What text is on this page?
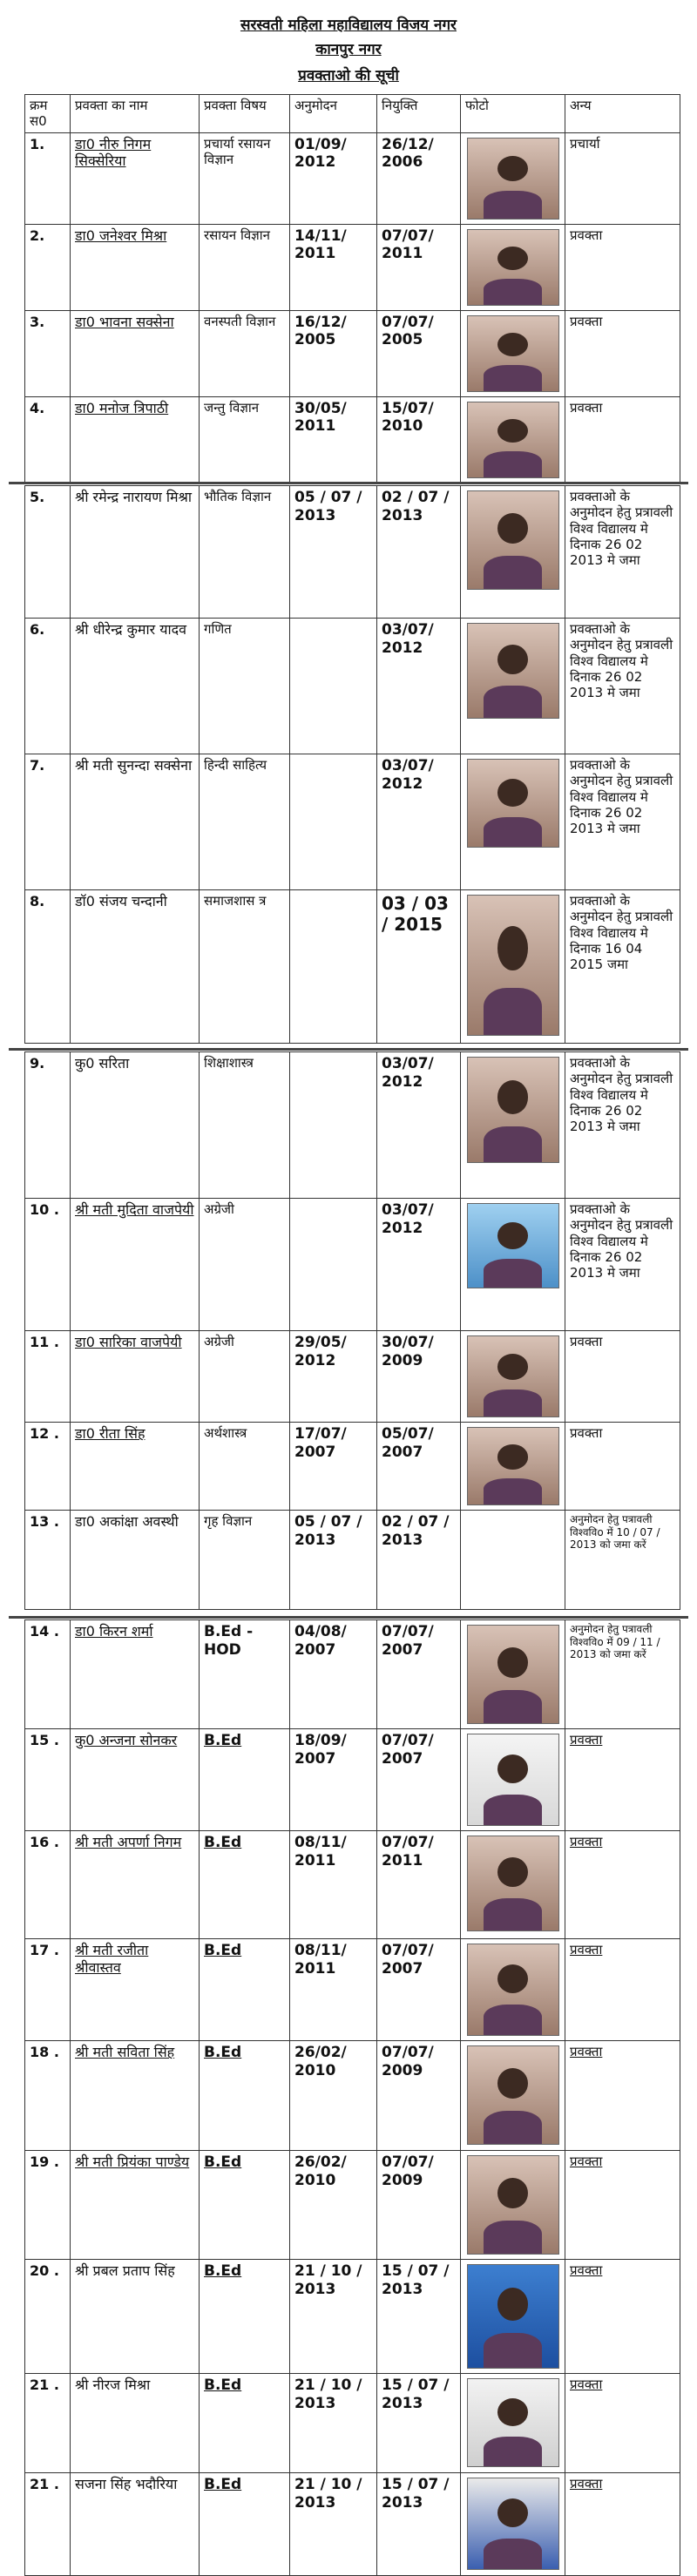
सरस्वती महिला महाविद्यालय विजय नगर
कानपुर नगर
प्रवक्ताओ की सूची
क्रम स0	प्रवक्ता का नाम	प्रवक्ता विषय	अनुमोदन	नियुक्ति	फोटो	अन्य
1.	डा0 नीरु निगम सिक्सेरिया	प्रचार्या रसायन विज्ञान	01/09/ 2012	26/12/ 2006		प्रचार्या
2.	डा0 जनेश्वर मिश्रा	रसायन विज्ञान	14/11/ 2011	07/07/ 2011		प्रवक्ता
3.	डा0 भावना सक्सेना	वनस्पती विज्ञान	16/12/ 2005	07/07/ 2005		प्रवक्ता
4.	डा0 मनोज त्रिपाठी	जन्तु विज्ञान	30/05/ 2011	15/07/ 2010		प्रवक्ता
5.	श्री रमेन्द्र नारायण मिश्रा	भौतिक विज्ञान	05 / 07 / 2013	02 / 07 / 2013		प्रवक्ताओ के अनुमोदन हेतु प्रत्रावली विश्व विद्यालय मे दिनाक 26 02 2013 मे जमा
6.	श्री धीरेन्द्र कुमार यादव	गणित		03/07/ 2012		प्रवक्ताओ के अनुमोदन हेतु प्रत्रावली विश्व विद्यालय मे दिनाक 26 02 2013 मे जमा
7.	श्री मती सुनन्दा सक्सेना	हिन्दी साहित्य		03/07/ 2012		प्रवक्ताओ के अनुमोदन हेतु प्रत्रावली विश्व विद्यालय मे दिनाक 26 02 2013 मे जमा
8.	डॉ0 संजय चन्दानी	समाजशास त्र		03 / 03 / 2015		प्रवक्ताओ के अनुमोदन हेतु प्रत्रावली विश्व विद्यालय मे दिनाक 16 04 2015 जमा
9.	कु0 सरिता	शिक्षाशास्त्र		03/07/ 2012		प्रवक्ताओ के अनुमोदन हेतु प्रत्रावली विश्व विद्यालय मे दिनाक 26 02 2013 मे जमा
10 .	श्री मती मुदिता वाजपेयी	अग्रेजी		03/07/ 2012		प्रवक्ताओ के अनुमोदन हेतु प्रत्रावली विश्व विद्यालय मे दिनाक 26 02 2013 मे जमा
11 .	डा0 सारिका वाजपेयी	अग्रेजी	29/05/ 2012	30/07/ 2009		प्रवक्ता
12 .	डा0 रीता सिंह	अर्थशास्त्र	17/07/ 2007	05/07/ 2007		प्रवक्ता
13 .	डा0 अकांक्षा अवस्थी	गृह विज्ञान	05 / 07 / 2013	02 / 07 / 2013		अनुमोदन हेतु पत्रावली विश्वविo में 10 / 07 / 2013 को जमा करें
14 .	डा0 किरन शर्मा	B.Ed - HOD	04/08/ 2007	07/07/ 2007		अनुमोदन हेतु पत्रावली विश्वविo में 09 / 11 / 2013 को जमा करें
15 .	कु0 अन्जना सोनकर	B.Ed	18/09/ 2007	07/07/ 2007		प्रवक्ता
16 .	श्री मती अपर्णा निगम	B.Ed	08/11/ 2011	07/07/ 2011		प्रवक्ता
17 .	श्री मती रजीता श्रीवास्तव	B.Ed	08/11/ 2011	07/07/ 2007		प्रवक्ता
18 .	श्री मती सविता सिंह	B.Ed	26/02/ 2010	07/07/ 2009		प्रवक्ता
19 .	श्री मती प्रियंका पाण्डेय	B.Ed	26/02/ 2010	07/07/ 2009		प्रवक्ता
20 .	श्री प्रबल प्रताप सिंह	B.Ed	21 / 10 / 2013	15 / 07 / 2013		प्रवक्ता
21 .	श्री नीरज मिश्रा	B.Ed	21 / 10 / 2013	15 / 07 / 2013		प्रवक्ता
21 .	सजना सिंह भदौरिया	B.Ed	21 / 10 / 2013	15 / 07 / 2013		प्रवक्ता
